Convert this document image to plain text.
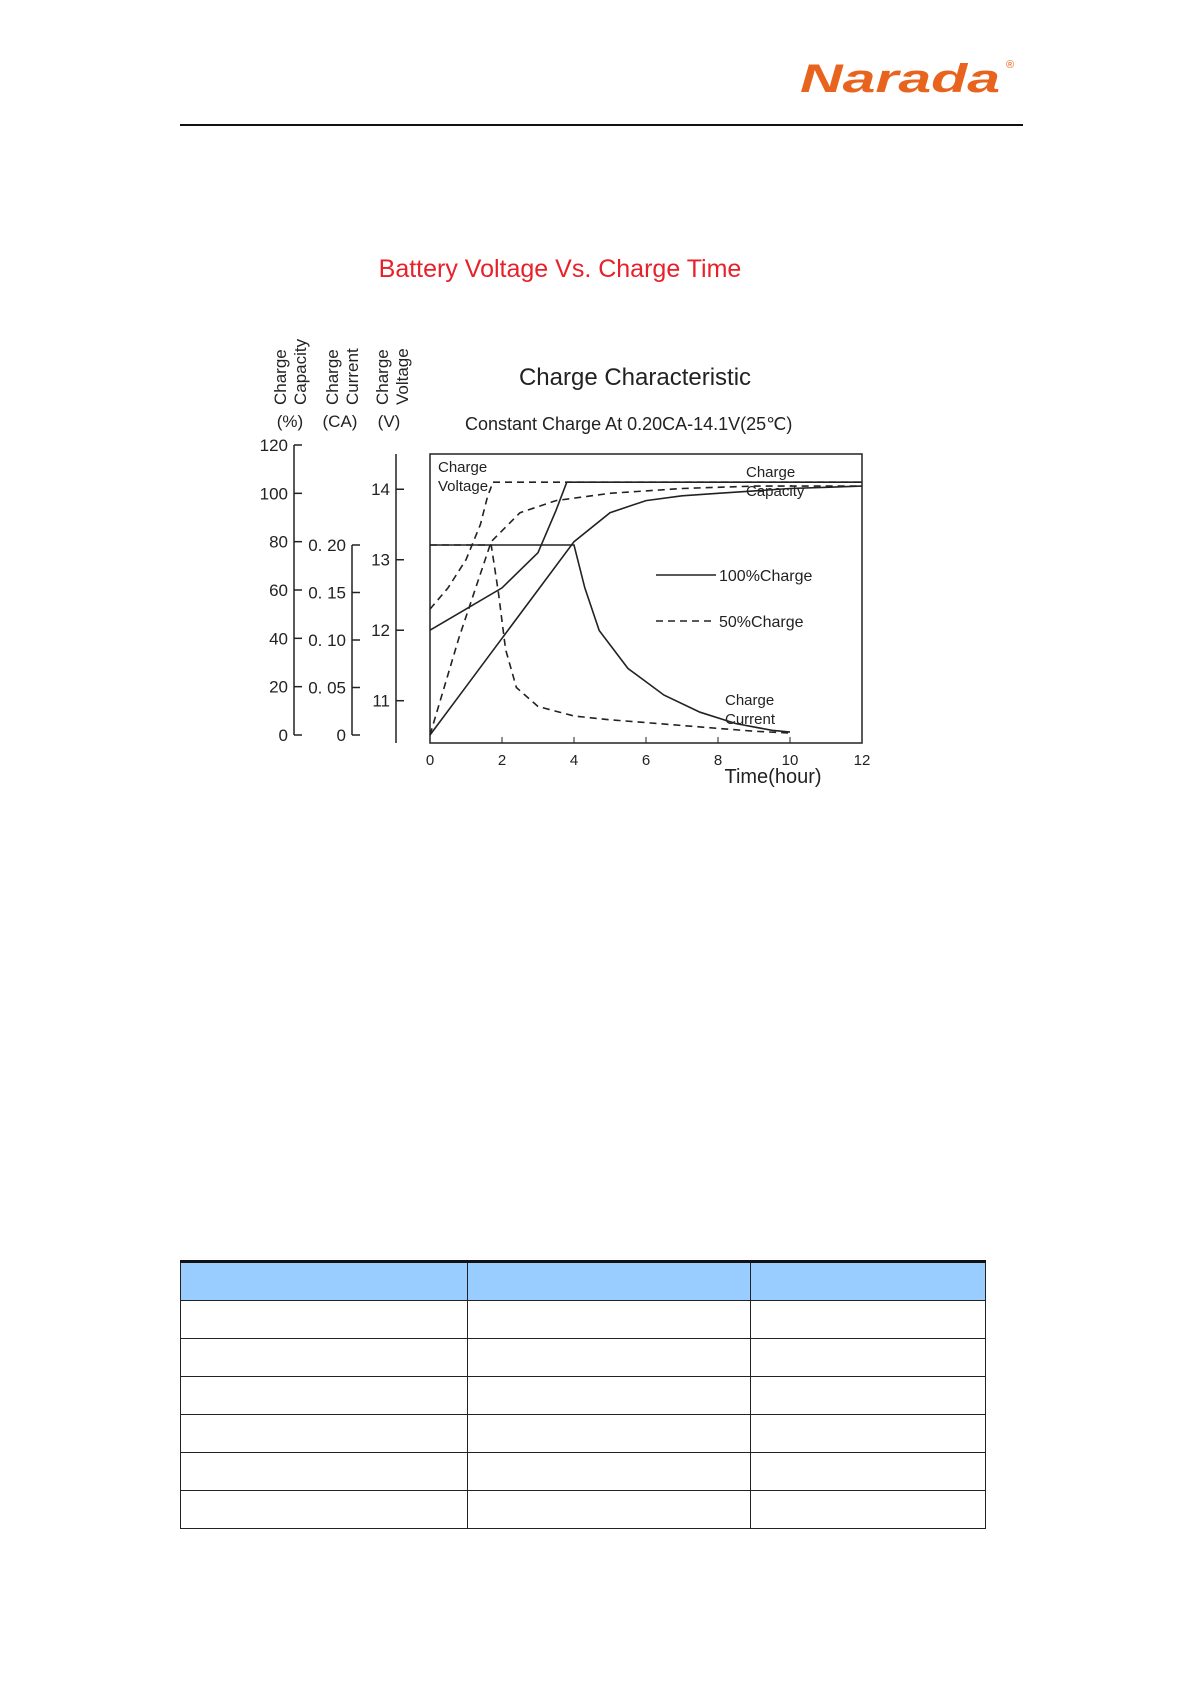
Narada ®
Battery Voltage Vs. Charge Time
Charge Capacity
(%)
Charge Current
(CA)
Charge Voltage
(V)
Charge Characteristic
Constant Charge At 0.20CA-14.1V(25℃)
0
20
40
60
80
100
120
0
0. 05
0. 10
0. 15
0. 20
11
12
13
14
0	2	4	6	8	10	12
Charge
Voltage
Charge
Capacity
Charge
Current
100%Charge
50%Charge
Time(hour)
